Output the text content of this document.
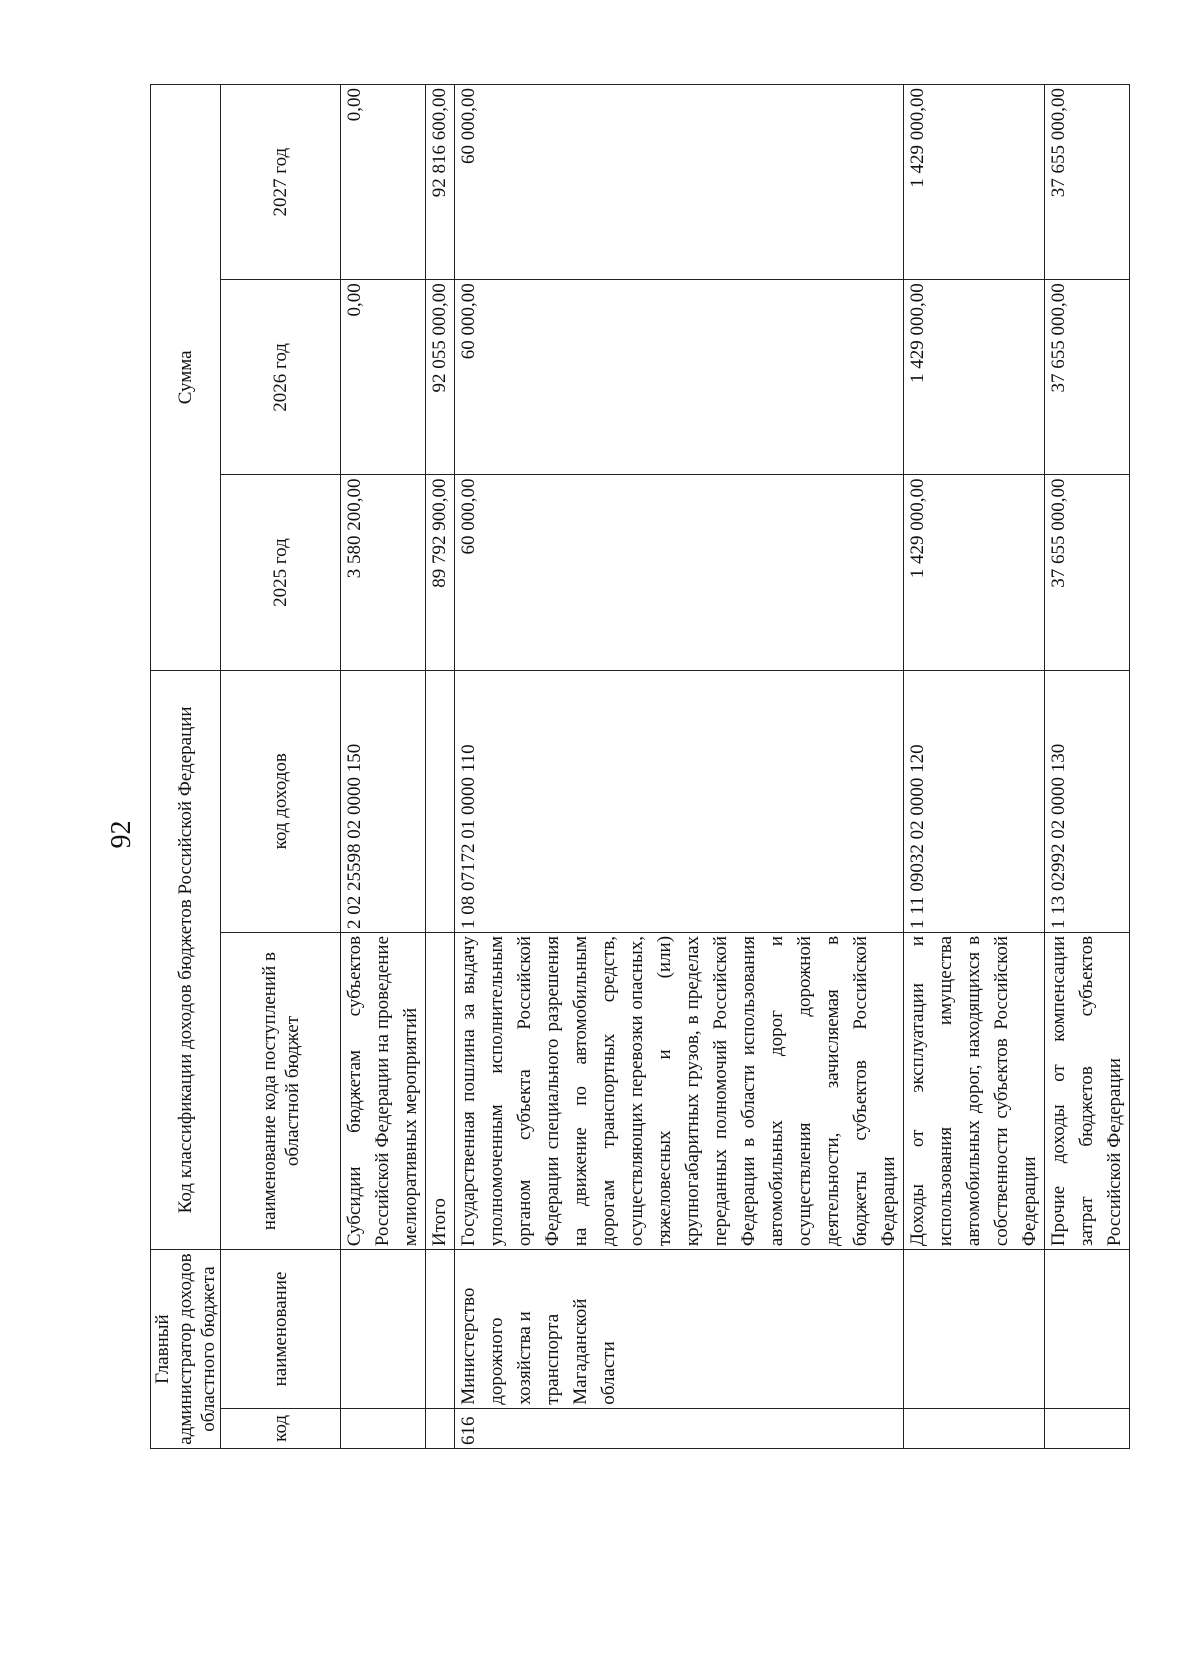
92
Главный администратор доходов областного бюджета		Код классификации доходов бюджетов Российской Федерации		Сумма		
код	наименование	наименование кода поступлений в областной бюджет	код доходов	2025 год	2026 год	2027 год
		Субсидии бюджетам субъектов Российской Федерации на проведение мелиоративных мероприятий	2 02 25598 02 0000 150	3 580 200,00	0,00	0,00
		Итого		89 792 900,00	92 055 000,00	92 816 600,00
616	Министерство дорожного хозяйства и транспорта Магаданской области	Государственная пошлина за выдачу уполномоченным исполнительным органом субъекта Российской Федерации специального разрешения на движение по автомобильным дорогам транспортных средств, осуществляющих перевозки опасных, тяжеловесных и (или) крупногабаритных грузов, в пределах переданных полномочий Российской Федерации в области использования автомобильных дорог и осуществления дорожной деятельности, зачисляемая в бюджеты субъектов Российской Федерации	1 08 07172 01 0000 110	60 000,00	60 000,00	60 000,00
		Доходы от эксплуатации и использования имущества автомобильных дорог, находящихся в собственности субъектов Российской Федерации	1 11 09032 02 0000 120	1 429 000,00	1 429 000,00	1 429 000,00
		Прочие доходы от компенсации затрат бюджетов субъектов Российской Федерации	1 13 02992 02 0000 130	37 655 000,00	37 655 000,00	37 655 000,00
